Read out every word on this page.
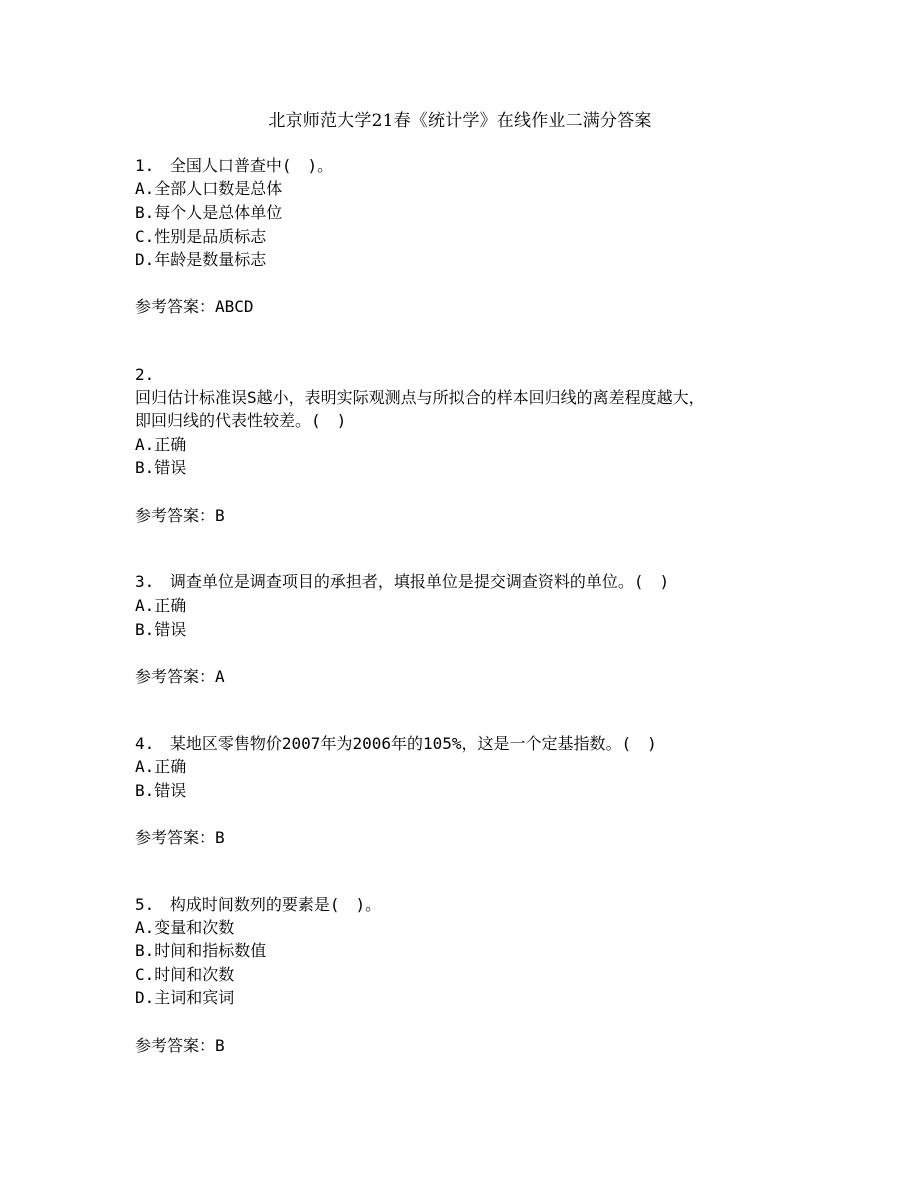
北京师范大学21春《统计学》在线作业二满分答案
1. 全国人口普查中(　)。
A.全部人口数是总体
B.每个人是总体单位
C.性别是品质标志
D.年龄是数量标志
参考答案：ABCD
2.
回归估计标准误S越小，表明实际观测点与所拟合的样本回归线的离差程度越大，
即回归线的代表性较差。(　)
A.正确
B.错误
参考答案：B
3. 调查单位是调查项目的承担者，填报单位是提交调查资料的单位。(　)
A.正确
B.错误
参考答案：A
4. 某地区零售物价2007年为2006年的105%，这是一个定基指数。(　)
A.正确
B.错误
参考答案：B
5. 构成时间数列的要素是(　)。
A.变量和次数
B.时间和指标数值
C.时间和次数
D.主词和宾词
参考答案：B
